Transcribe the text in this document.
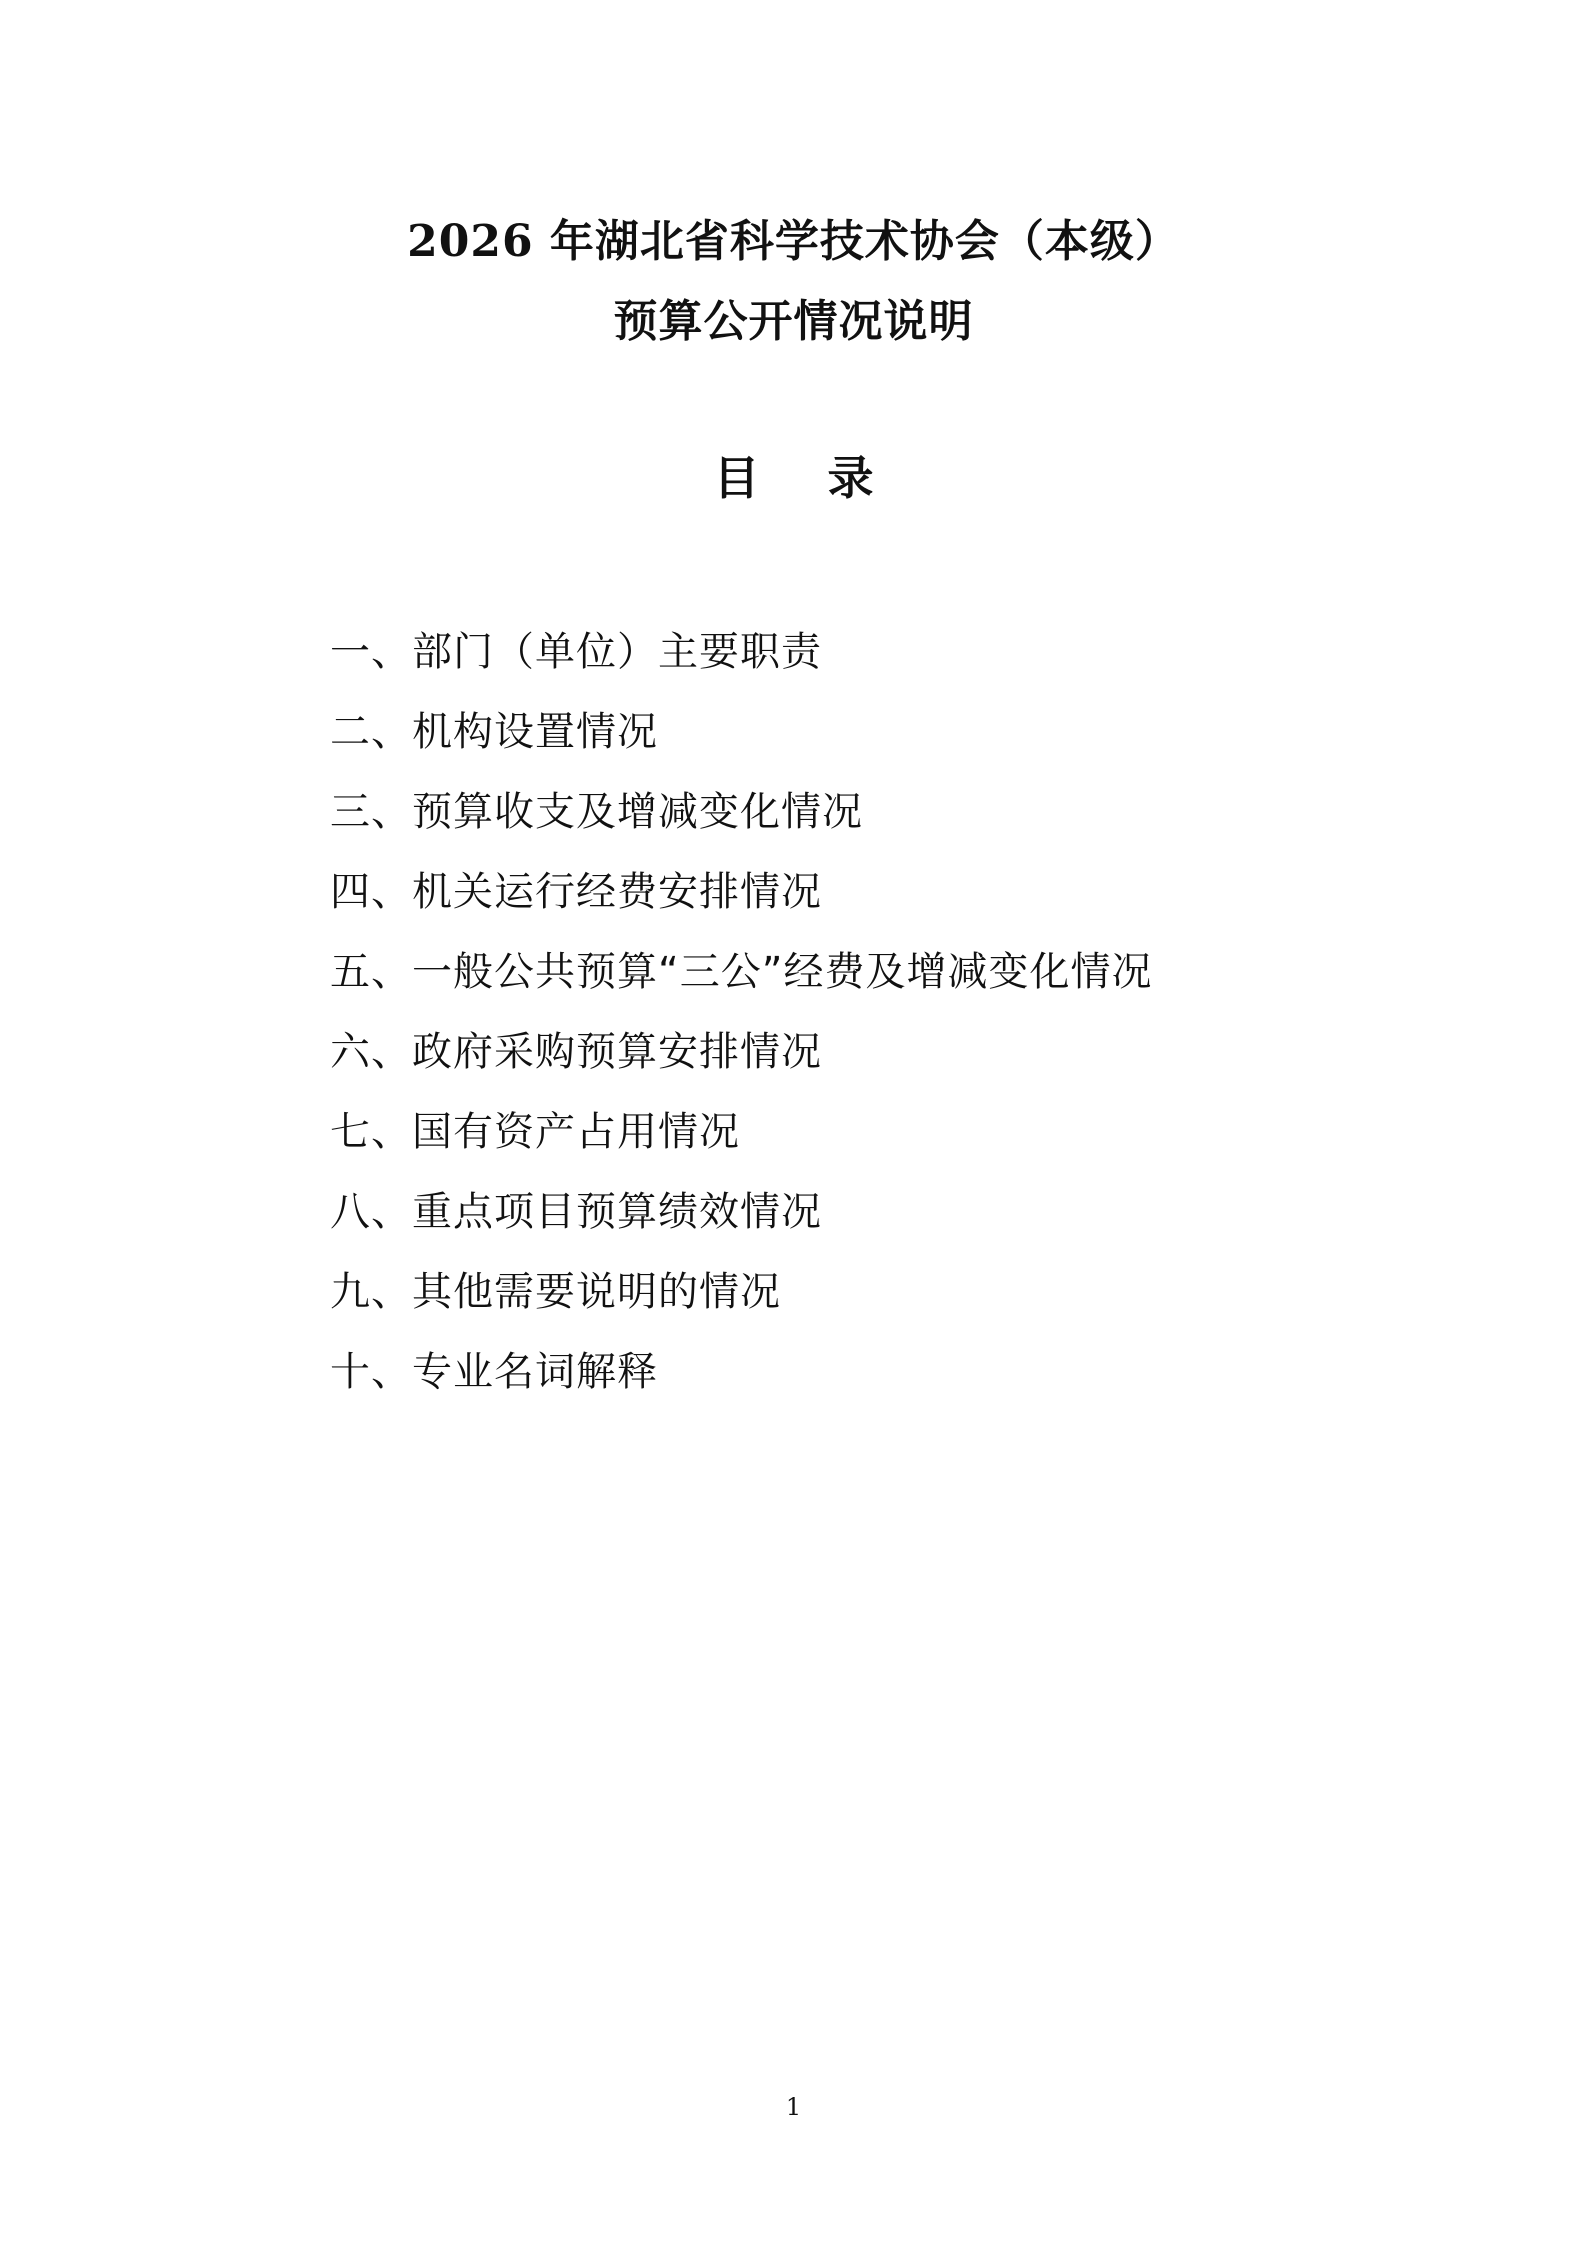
2026 年湖北省科学技术协会（本级）
预算公开情况说明
目录
一、部门（单位）主要职责
二、机构设置情况
三、预算收支及增减变化情况
四、机关运行经费安排情况
五、一般公共预算“三公”经费及增减变化情况
六、政府采购预算安排情况
七、国有资产占用情况
八、重点项目预算绩效情况
九、其他需要说明的情况
十、专业名词解释
1
